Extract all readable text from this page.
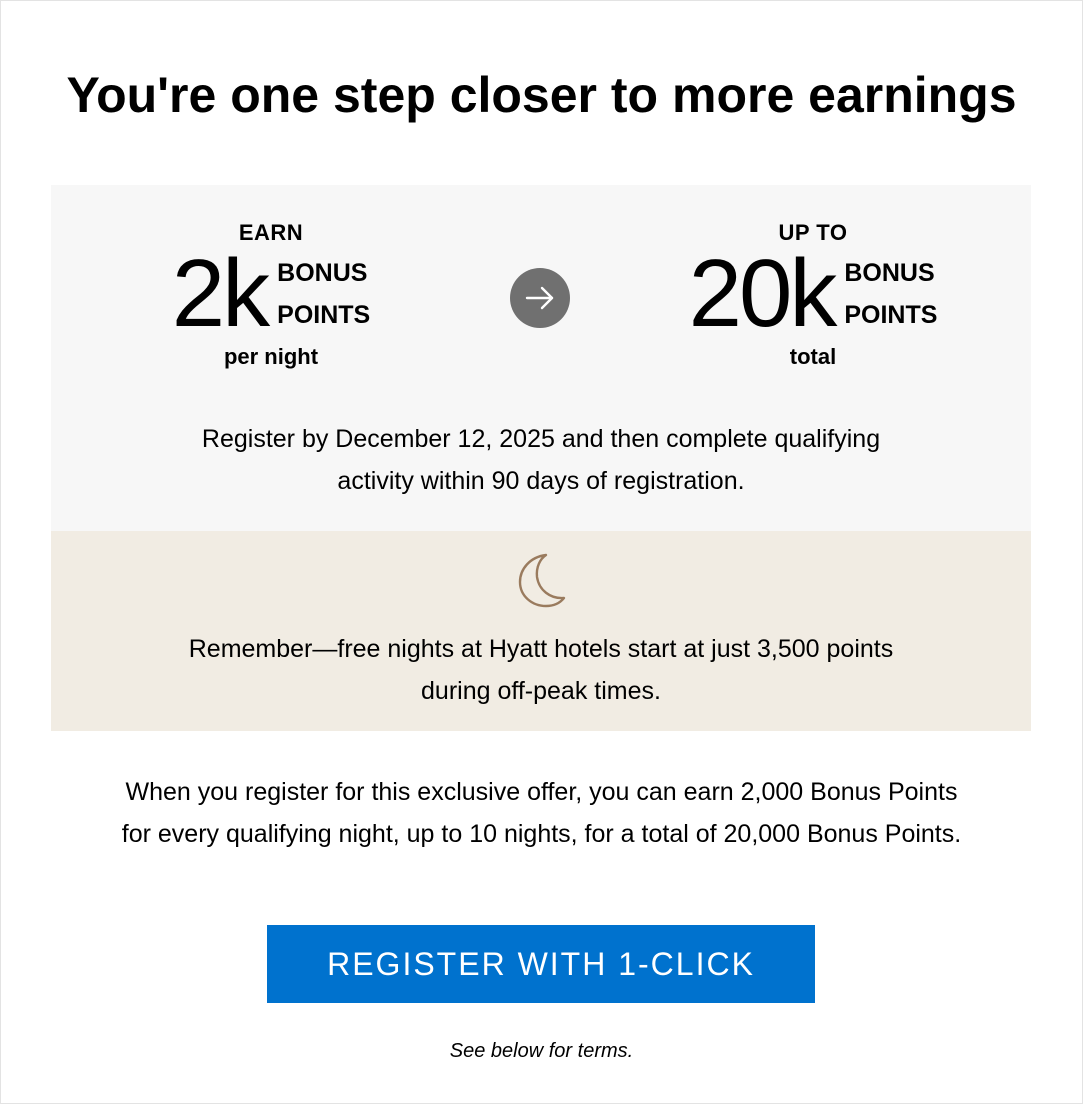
You're one step closer to more earnings
EARN
2k BONUS
POINTS
per night
UP TO
20k BONUS
POINTS
total
Register by December 12, 2025 and then complete qualifying
activity within 90 days of registration.
Remember—free nights at Hyatt hotels start at just 3,500 points
during off-peak times.
When you register for this exclusive offer, you can earn 2,000 Bonus Points
for every qualifying night, up to 10 nights, for a total of 20,000 Bonus Points.
REGISTER WITH 1-CLICK
See below for terms.
